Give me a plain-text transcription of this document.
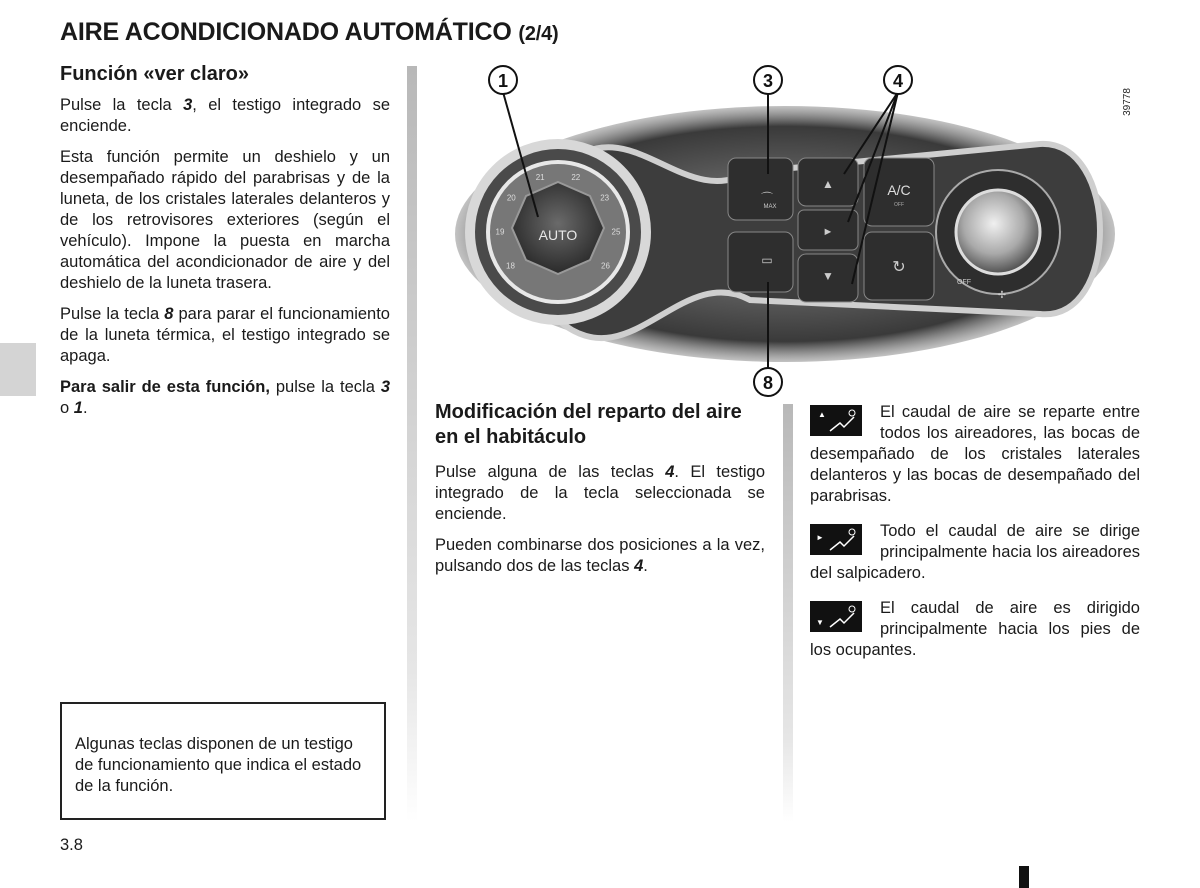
AIRE ACONDICIONADO AUTOMÁTICO (2/4)
Función «ver claro»

Pulse la tecla 3, el testigo integrado se enciende.

Esta función permite un deshielo y un desempañado rápido del parabrisas y de la luneta, de los cristales laterales delanteros y de los retrovisores exteriores (según el vehículo). Impone la puesta en marcha automática del acondicionador de aire y del deshielo de la luneta trasera.

Pulse la tecla 8 para parar el funcionamiento de la luneta térmica, el testigo integrado se apaga.

Para salir de esta función, pulse la tecla 3 o 1.

Algunas teclas disponen de un testigo de funcionamiento que indica el estado de la función.

3.8
AUTO
18
19
20
21	22
23
25
26
MAX
⌒
▭
▲
►
▼
A/C
OFF
↻
OFF
✢
1	3	4
8
39778
Modificación del reparto del aire en el habitáculo

Pulse alguna de las teclas 4. El testigo integrado de la tecla seleccionada se enciende.

Pueden combinarse dos posiciones a la vez, pulsando dos de las teclas 4.

▲	El caudal de aire se reparte entre todos los aireadores, las bocas de desempañado de los cristales laterales delanteros y las bocas de desempañado del parabrisas.

►	Todo el caudal de aire se dirige principalmente hacia los aireadores del salpicadero.

▼

El caudal de aire es dirigido principalmente hacia los pies de los ocupantes.
